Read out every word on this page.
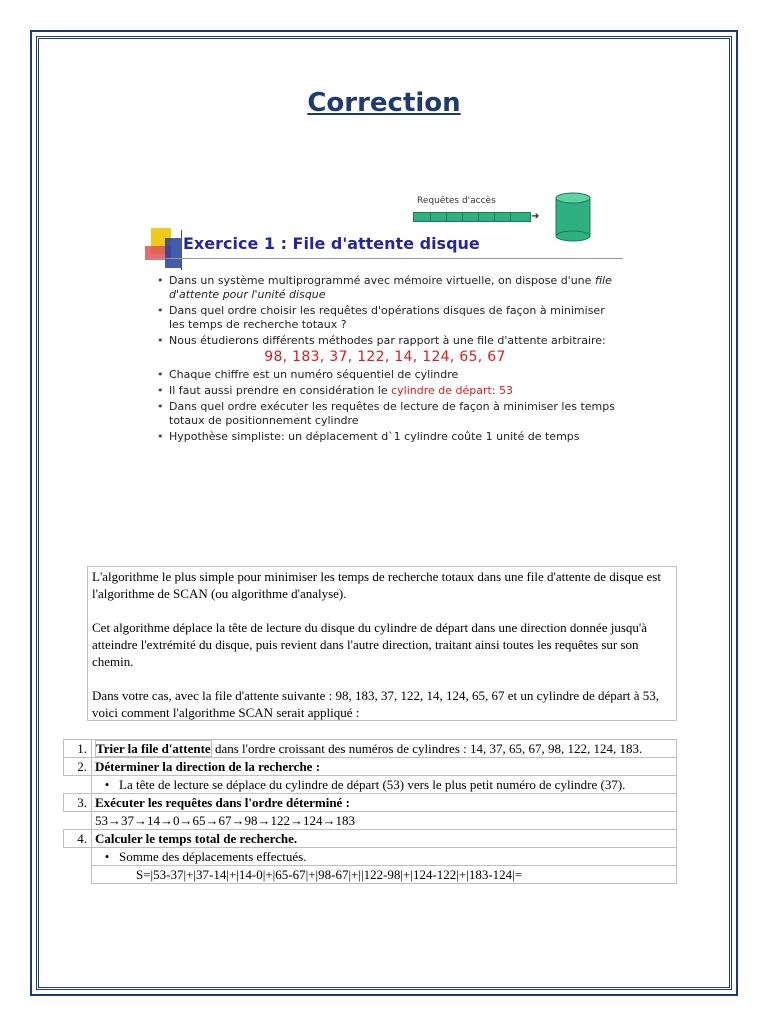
Correction
Requêtes d'accès
➜
Exercice 1 : File d'attente disque
• Dans un système multiprogrammé avec mémoire virtuelle, on dispose d'une file d'attente pour l'unité disque
• Dans quel ordre choisir les requêtes d'opérations disques de façon à minimiser les temps de recherche totaux ?
• Nous étudierons différents méthodes par rapport à une file d'attente arbitraire:
98, 183, 37, 122, 14, 124, 65, 67
• Chaque chiffre est un numéro séquentiel de cylindre
• Il faut aussi prendre en considération le cylindre de départ: 53
• Dans quel ordre exécuter les requêtes de lecture de façon à minimiser les temps totaux de positionnement cylindre
• Hypothèse simpliste: un déplacement d`1 cylindre coûte 1 unité de temps

L'algorithme le plus simple pour minimiser les temps de recherche totaux dans une file d'attente de disque est l'algorithme de SCAN (ou algorithme d'analyse).

Cet algorithme déplace la tête de lecture du disque du cylindre de départ dans une direction donnée jusqu'à atteindre l'extrémité du disque, puis revient dans l'autre direction, traitant ainsi toutes les requêtes sur son chemin.

Dans votre cas, avec la file d'attente suivante : 98, 183, 37, 122, 14, 124, 65, 67 et un cylindre de départ à 53, voici comment l'algorithme SCAN serait appliqué :

1.	Trier la file d'attente dans l'ordre croissant des numéros de cylindres : 14, 37, 65, 67, 98, 122, 124, 183.
2.	Déterminer la direction de la recherche :

	• La tête de lecture se déplace du cylindre de départ (53) vers le plus petit numéro de cylindre (37).

3.	Exécuter les requêtes dans l'ordre déterminé :
	53→37→14→0→65→67→98→122→124→183
4.	Calculer le temps total de recherche.

	• Somme des déplacements effectués.

	S=|53-37|+|37-14|+|14-0|+|65-67|+|98-67|+||122-98|+|124-122|+|183-124|=
